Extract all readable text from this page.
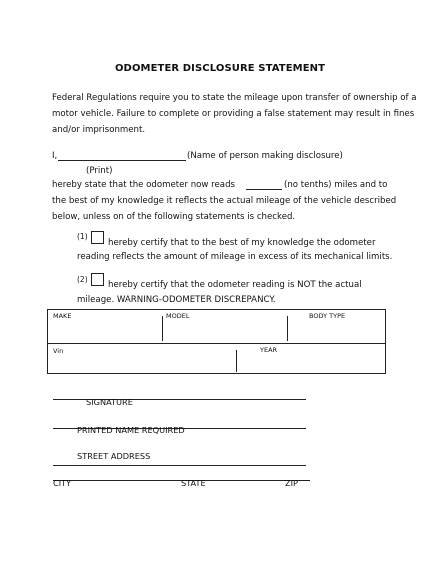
ODOMETER DISCLOSURE STATEMENT
Federal Regulations require you to state the mileage upon transfer of ownership of a
motor vehicle. Failure to complete or providing a false statement may result in fines
and/or imprisonment.
I,	(Name of person making disclosure)
(Print)
hereby state that the odometer now reads	(no tenths) miles and to
the best of my knowledge it reflects the actual mileage of the vehicle described
below, unless on of the following statements is checked.
(1)
hereby certify that to the best of my knowledge the odometer
reading reflects the amount of mileage in excess of its mechanical limits.
(2)
hereby certify that the odometer reading is NOT the actual
mileage. WARNING-ODOMETER DISCREPANCY.
MAKE	MODEL	BODY TYPE
Vin	YEAR
SIGNATURE
PRINTED NAME REQUIRED
STREET ADDRESS
CITY	STATE	ZIP
